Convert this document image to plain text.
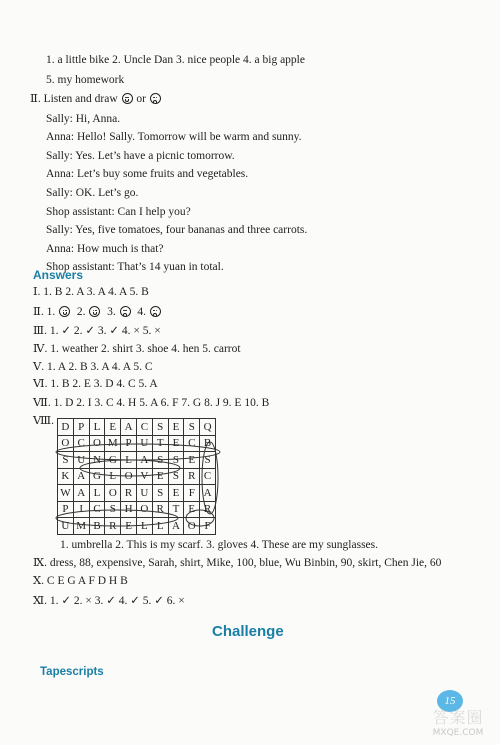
1. a little bike 2. Uncle Dan 3. nice people 4. a big apple
5. my homework
Ⅱ. Listen and draw or
Sally: Hi, Anna.
Anna: Hello! Sally. Tomorrow will be warm and sunny.
Sally: Yes. Let’s have a picnic tomorrow.
Anna: Let’s buy some fruits and vegetables.
Sally: OK. Let’s go.
Shop assistant: Can I help you?
Sally: Yes, five tomatoes, four bananas and three carrots.
Anna: How much is that?
Shop assistant: That’s 14 yuan in total.
Answers
Ⅰ. 1. B 2. A 3. A 4. A 5. B
Ⅱ. 1. 2. 3. 4.
Ⅲ. 1. ✓ 2. ✓ 3. ✓ 4. × 5. ×
Ⅳ. 1. weather 2. shirt 3. shoe 4. hen 5. carrot
Ⅴ. 1. A 2. B 3. A 4. A 5. C
Ⅵ. 1. B 2. E 3. D 4. C 5. A
Ⅶ. 1. D 2. I 3. C 4. H 5. A 6. F 7. G 8. J 9. E 10. B
Ⅷ. D	P	L	E	A	C	S	E	S	Q
O	C	O	M	P	U	T	E	C	B
S	U	N	G	L	A	S	S	E	S
K	A	G	L	O	V	E	S	R	C
W	A	L	O	R	U	S	E	F	A
P	I	C	S	H	O	R	T	E	R
U	M	B	R	E	L	L	A	O	F
1. umbrella 2. This is my scarf. 3. gloves 4. These are my sunglasses.
Ⅸ. dress, 88, expensive, Sarah, shirt, Mike, 100, blue, Wu Binbin, 90, skirt, Chen Jie, 60
Ⅹ. C E G A F D H B
Ⅺ. 1. ✓ 2. × 3. ✓ 4. ✓ 5. ✓ 6. ×
Challenge
Tapescripts
15
答案圈
MXQE.COM
